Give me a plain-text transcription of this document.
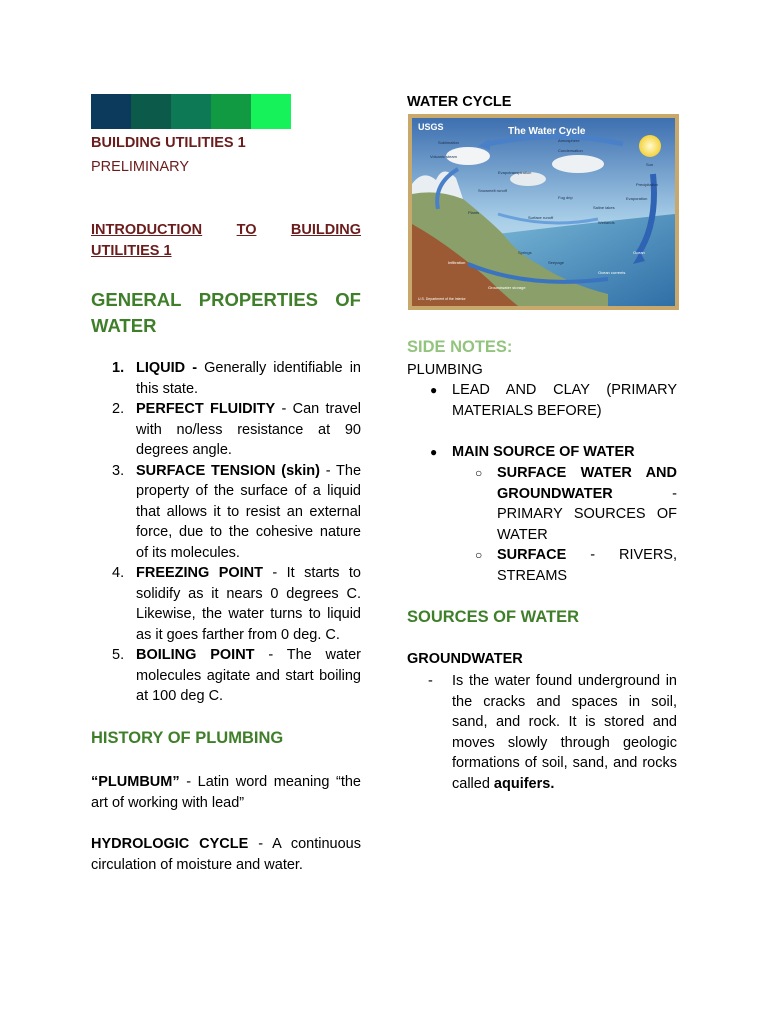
BUILDING UTILITIES 1
PRELIMINARY
INTRODUCTION TO BUILDING
UTILITIES 1
GENERAL PROPERTIES OF
WATER
1. LIQUID - Generally identifiable in this state.
2. PERFECT FLUIDITY - Can travel with no/less resistance at 90 degrees angle.
3. SURFACE TENSION (skin) - The property of the surface of a liquid that allows it to resist an external force, due to the cohesive nature of its molecules.
4. FREEZING POINT - It starts to solidify as it nears 0 degrees C. Likewise, the water turns to liquid as it goes farther from 0 deg. C.
5. BOILING POINT - The water molecules agitate and start boiling at 100 deg C.
HISTORY OF PLUMBING

“PLUMBUM” - Latin word meaning “the art of working with lead”

HYDROLOGIC CYCLE - A continuous circulation of moisture and water.

WATER CYCLE
USGS	The Water Cycle
Sun
Precipitation
Evaporation
Condensation
Atmosphere
Ocean
Infiltration
Springs
Fog drip
Sublimation
Snowmelt runoff
Groundwater storage
Volcanic steam
Evapotranspiration
Surface runoff
Ocean currents
Plants
Seepage
Saline lakes
Wetlands
U.S. Department of the Interior
SIDE NOTES:
PLUMBING
● LEAD AND CLAY (PRIMARY MATERIALS BEFORE)
● MAIN SOURCE OF WATER
○ SURFACE WATER AND GROUNDWATER - PRIMARY SOURCES OF WATER
○ SURFACE - RIVERS, STREAMS
SOURCES OF WATER
GROUNDWATER
- Is the water found underground in the cracks and spaces in soil, sand, and rock. It is stored and moves slowly through geologic formations of soil, sand, and rocks called aquifers.
